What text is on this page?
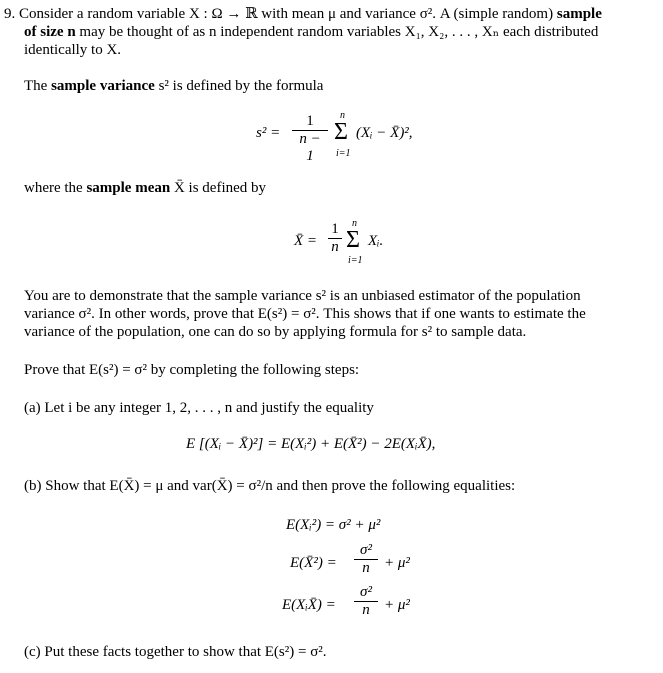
9. Consider a random variable X : Ω → ℝ with mean μ and variance σ². A (simple random) sample
of size n may be thought of as n independent random variables X₁, X₂, . . . , Xₙ each distributed
identically to X.
The sample variance s² is defined by the formula
$s^2 = \frac{1}{n - 1}$ n
Σ
i=1
(Xᵢ − X̄)²,
where the sample mean X̄ is defined by
X̄ = $\frac{1}{n}$ n
Σ
i=1
Xᵢ.
You are to demonstrate that the sample variance s² is an unbiased estimator of the population
variance σ². In other words, prove that E(s²) = σ². This shows that if one wants to estimate the
variance of the population, one can do so by applying formula for s² to sample data.
Prove that E(s²) = σ² by completing the following steps:
(a) Let i be any integer 1, 2, . . . , n and justify the equality
E [(Xᵢ − X̄)²] = E(Xᵢ²) + E(X̄²) − 2E(XᵢX̄),
(b) Show that E(X̄) = μ and var(X̄) = σ²/n and then prove the following equalities:
E(Xᵢ²) = σ² + μ²
E(X̄²) = $\frac{\text{σ²}}{n} + \mu^2$
E(XᵢX̄) = $\frac{\text{σ²}}{n} + \mu^2$
(c) Put these facts together to show that E(s²) = σ².
